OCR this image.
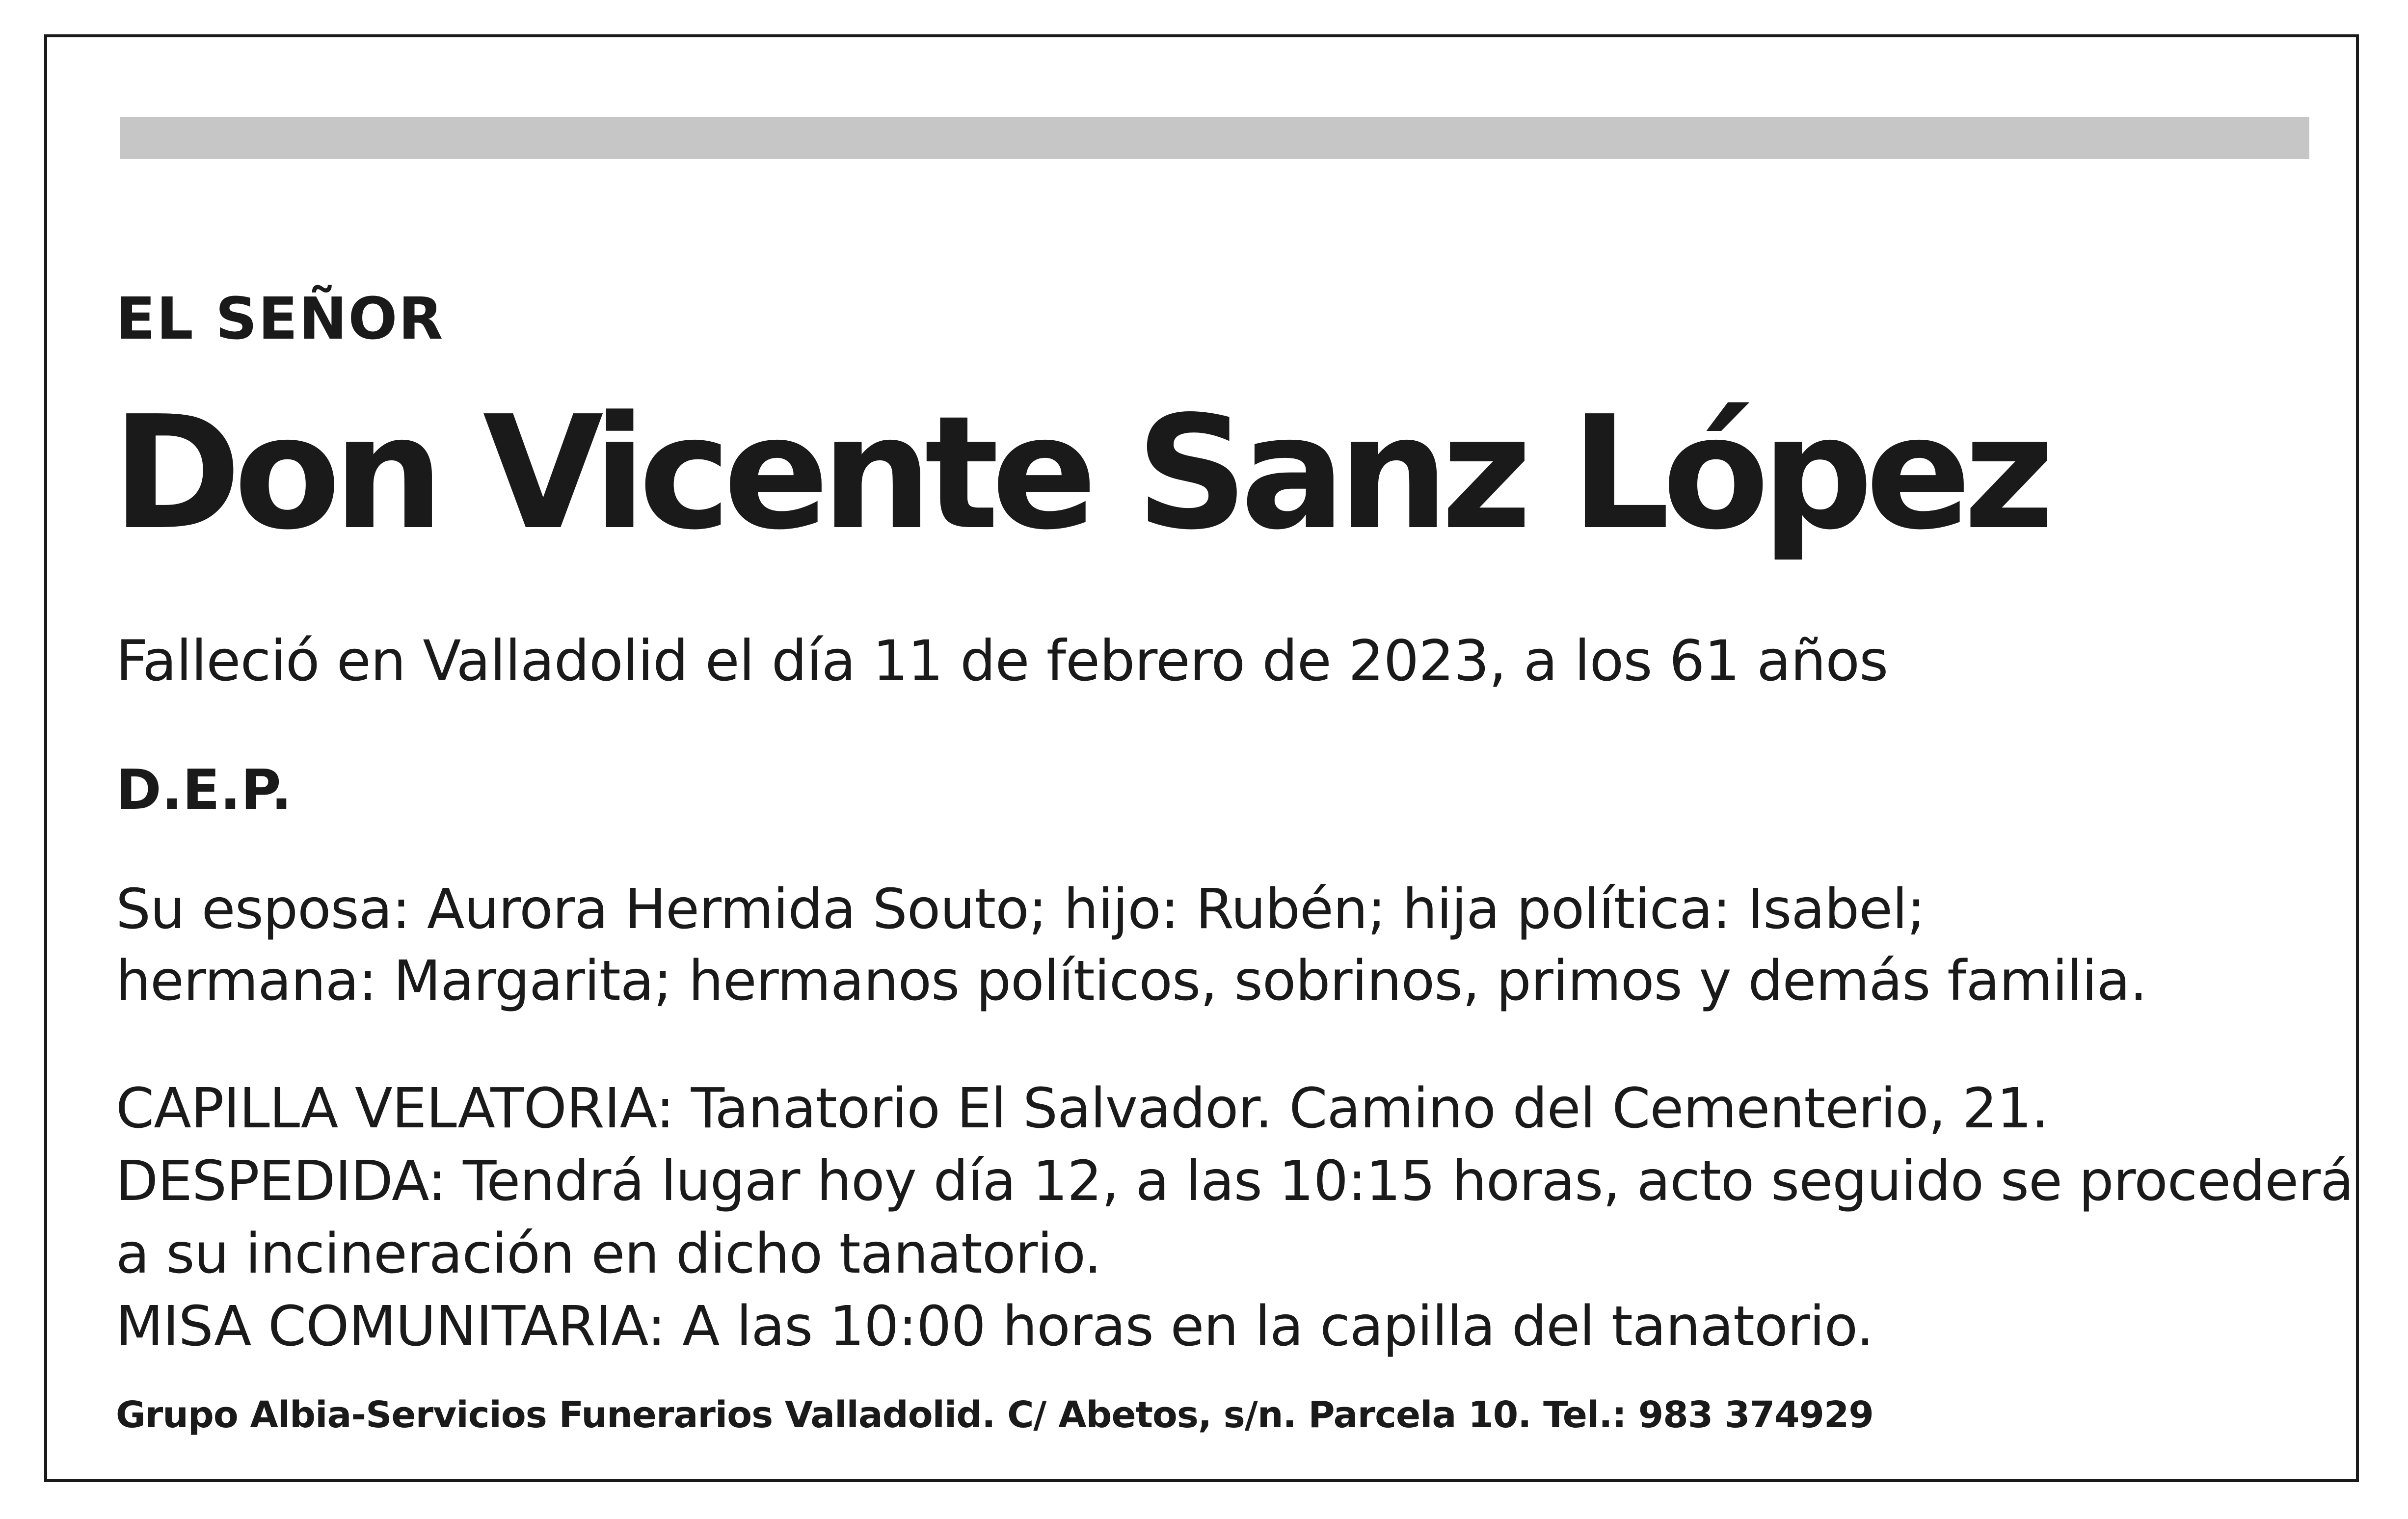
EL SEÑOR
Don Vicente Sanz López
Falleció en Valladolid el día 11 de febrero de 2023, a los 61 años
D.E.P.
Su esposa: Aurora Hermida Souto; hijo: Rubén; hija política: Isabel;
hermana: Margarita; hermanos políticos, sobrinos, primos y demás familia.
CAPILLA VELATORIA: Tanatorio El Salvador. Camino del Cementerio, 21.
DESPEDIDA: Tendrá lugar hoy día 12, a las 10:15 horas, acto seguido se procederá
a su incineración en dicho tanatorio.
MISA COMUNITARIA: A las 10:00 horas en la capilla del tanatorio.
Grupo Albia-Servicios Funerarios Valladolid. C/ Abetos, s/n. Parcela 10. Tel.: 983 374929
